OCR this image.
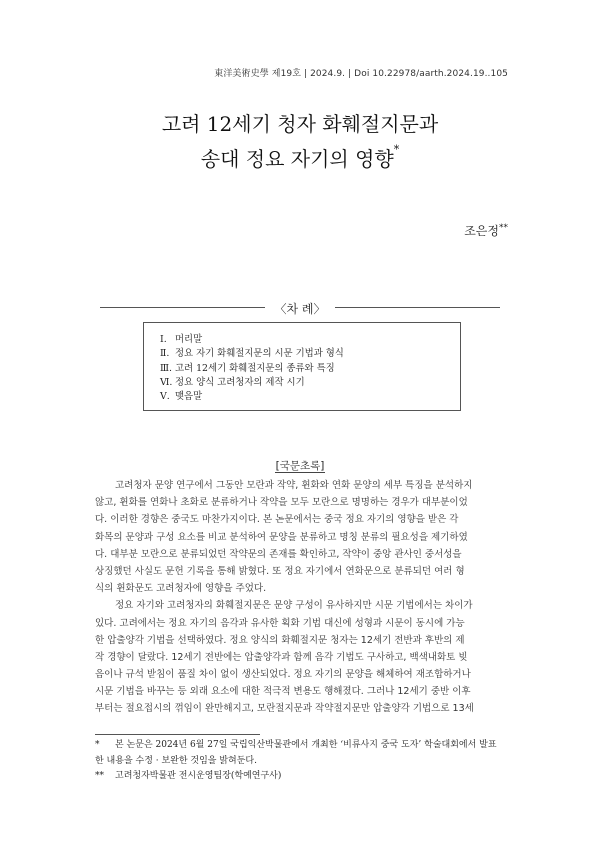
東洋美術史學 제19호 | 2024.9. | Doi 10.22978/aarth.2024.19..105
고려 12세기 청자 화훼절지문과
송대 정요 자기의 영향*
조은정**
〈차 례〉
Ⅰ. 머리말
Ⅱ. 정요 자기 화훼절지문의 시문 기법과 형식
Ⅲ. 고려 12세기 화훼절지문의 종류와 특징
Ⅵ. 정요 양식 고려청자의 제작 시기
Ⅴ. 맺음말
[국문초록]
고려청자 문양 연구에서 그동안 모란과 작약, 휜화와 연화 문양의 세부 특징을 분석하지
않고, 휜화를 연화나 초화로 분류하거나 작약을 모두 모란으로 명명하는 경우가 대부분이었
다. 이러한 경향은 중국도 마찬가지이다. 본 논문에서는 중국 정요 자기의 영향을 받은 각
화목의 문양과 구성 요소를 비교 분석하여 문양을 분류하고 명칭 분류의 필요성을 제기하였
다. 대부분 모란으로 분류되었던 작약문의 존재를 확인하고, 작약이 중앙 관사인 중서성을
상징했던 사실도 문헌 기록을 통해 밝혔다. 또 정요 자기에서 연화문으로 분류되던 여러 형
식의 휜화문도 고려청자에 영향을 주었다.
정요 자기와 고려청자의 화훼절지문은 문양 구성이 유사하지만 시문 기법에서는 차이가
있다. 고려에서는 정요 자기의 음각과 유사한 획화 기법 대신에 성형과 시문이 동시에 가능
한 압출양각 기법을 선택하였다. 정요 양식의 화훼절지문 청자는 12세기 전반과 후반의 제
작 경향이 달랐다. 12세기 전반에는 압출양각과 함께 음각 기법도 구사하고, 백색내화토 빚
음이나 규석 받침이 품질 차이 없이 생산되었다. 정요 자기의 문양을 해체하여 재조합하거나
시문 기법을 바꾸는 등 외래 요소에 대한 적극적 변용도 행해졌다. 그러나 12세기 중반 이후
부터는 절요접시의 꺾임이 완만해지고, 모란절지문과 작약절지문만 압출양각 기법으로 13세
* 본 논문은 2024년 6월 27일 국립익산박물관에서 개최한 ‘비류사지 중국 도자’ 학술대회에서 발표
한 내용을 수정 · 보완한 것임을 밝혀둔다.
** 고려청자박물관 전시운영팀장(학예연구사)
